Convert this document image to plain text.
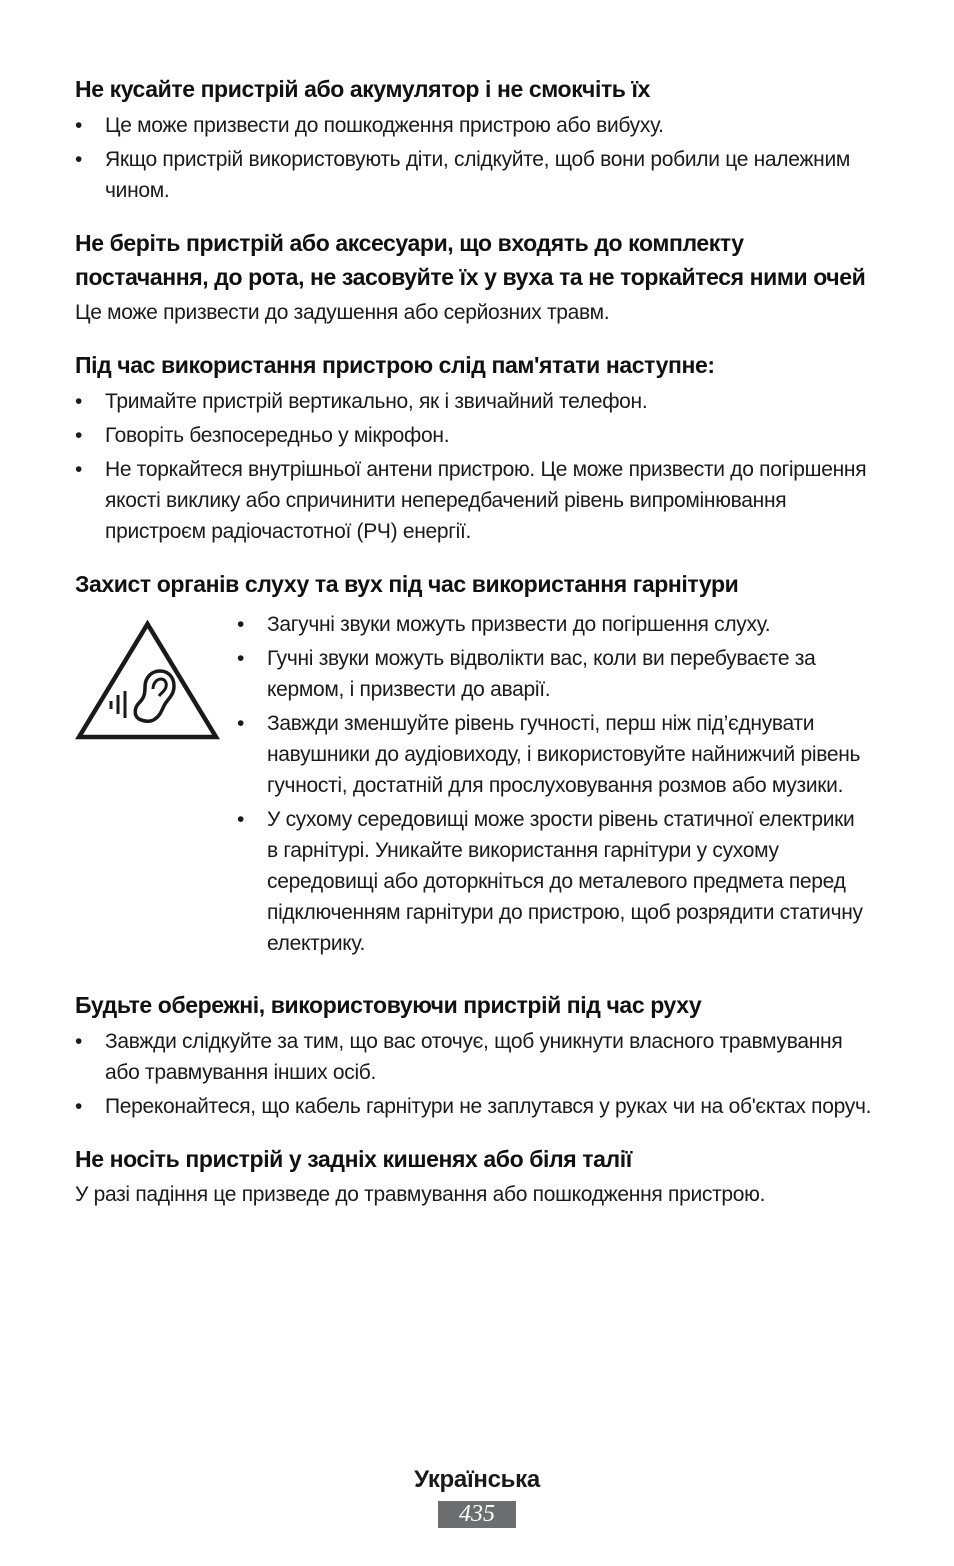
Не кусайте пристрій або акумулятор і не смокчіть їх
• Це може призвести до пошкодження пристрою або вибуху.
• Якщо пристрій використовують діти, слідкуйте, щоб вони робили це належним чином.
Не беріть пристрій або аксесуари, що входять до комплекту постачання, до рота, не засовуйте їх у вуха та не торкайтеся ними очей

Це може призвести до задушення або серйозних травм.

Під час використання пристрою слід пам'ятати наступне:
• Тримайте пристрій вертикально, як і звичайний телефон.
• Говоріть безпосередньо у мікрофон.
• Не торкайтеся внутрішньої антени пристрою. Це може призвести до погіршення якості виклику або спричинити непередбачений рівень випромінювання пристроєм радіочастотної (РЧ) енергії.
Захист органів слуху та вух під час використання гарнітури
• Загучні звуки можуть призвести до погіршення слуху.
• Гучні звуки можуть відволікти вас, коли ви перебуваєте за кермом, і призвести до аварії.
• Завжди зменшуйте рівень гучності, перш ніж під’єднувати навушники до аудіовиходу, і використовуйте найнижчий рівень гучності, достатній для прослуховування розмов або музики.
• У сухому середовищі може зрости рівень статичної електрики в гарнітурі. Уникайте використання гарнітури у сухому середовищі або доторкніться до металевого предмета перед підключенням гарнітури до пристрою, щоб розрядити статичну електрику.
Будьте обережні, використовуючи пристрій під час руху
• Завжди слідкуйте за тим, що вас оточує, щоб уникнути власного травмування або травмування інших осіб.
• Переконайтеся, що кабель гарнітури не заплутався у руках чи на об'єктах поруч.
Не носіть пристрій у задніх кишенях або біля талії

У разі падіння це призведе до травмування або пошкодження пристрою.

Українська
435
